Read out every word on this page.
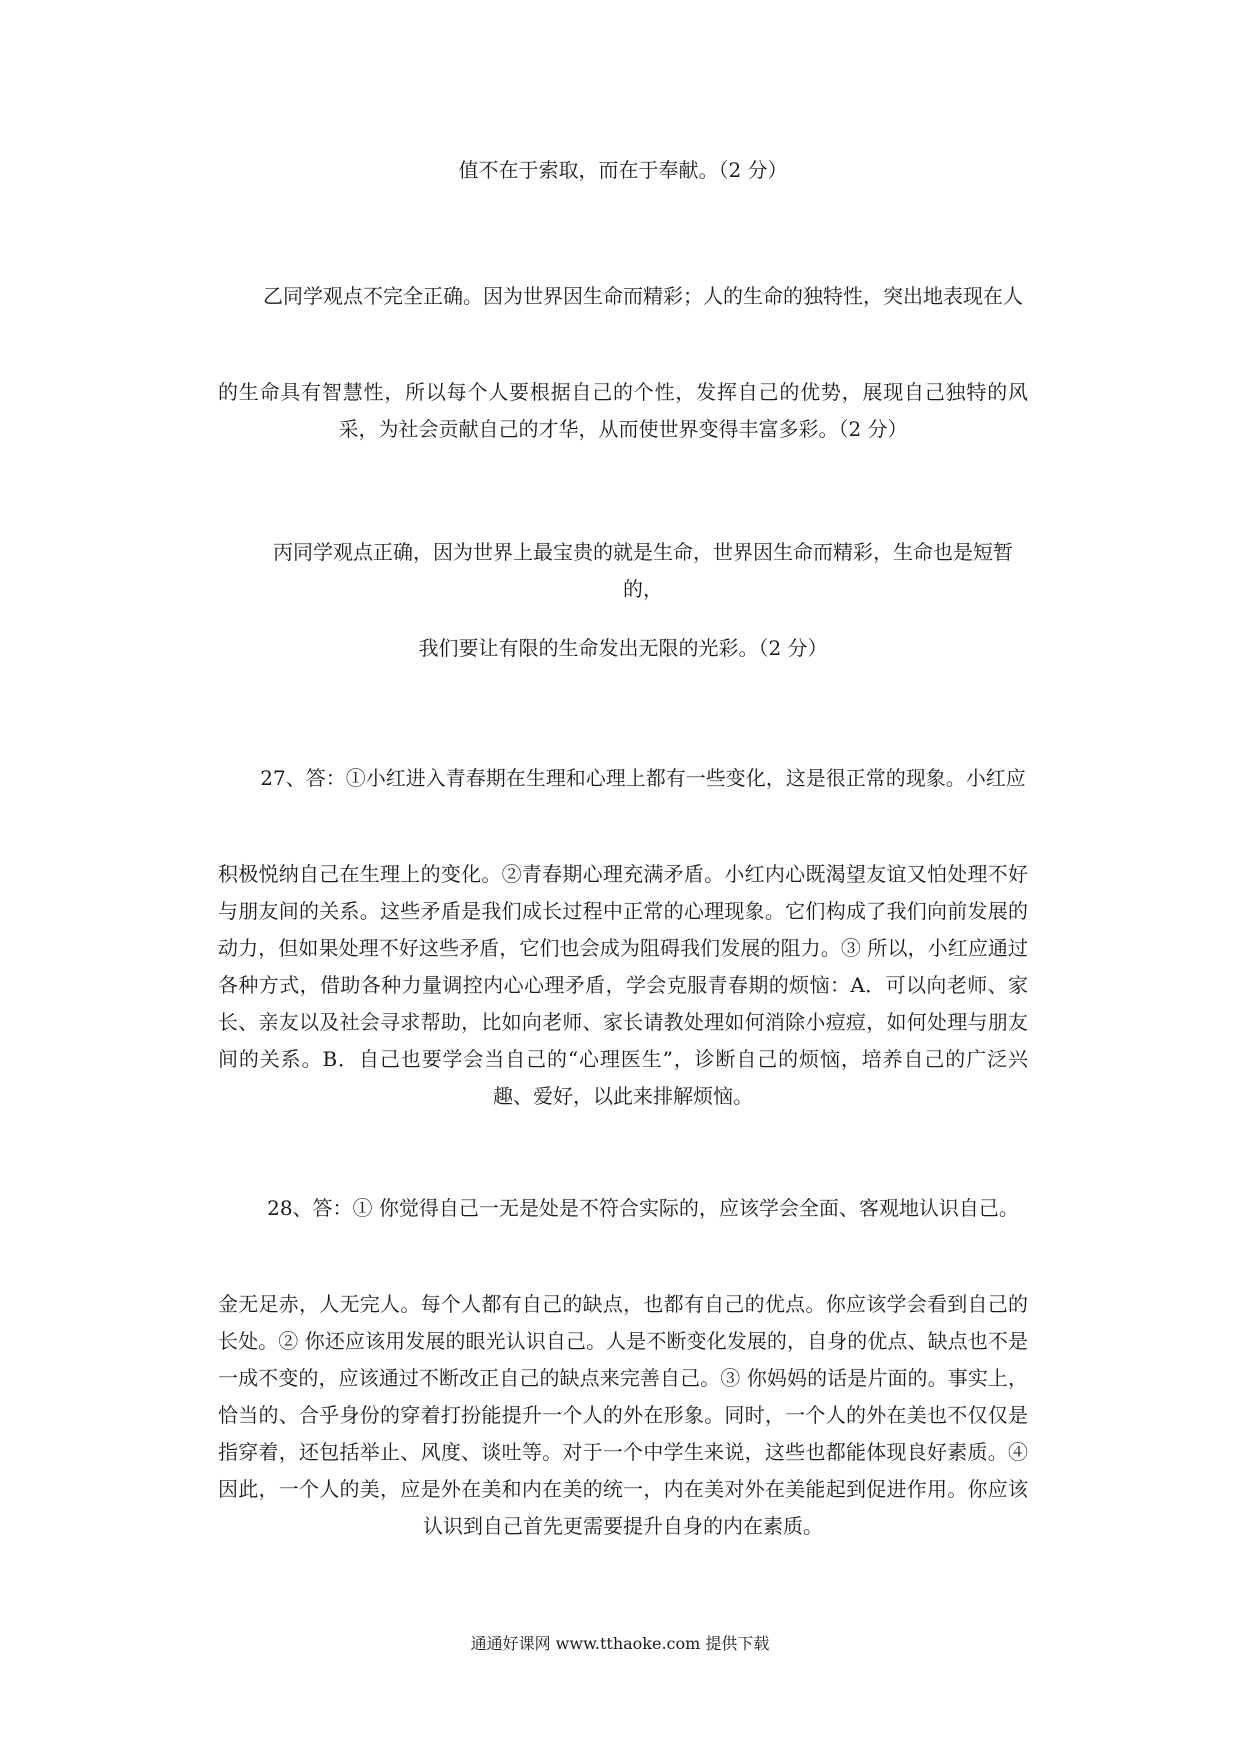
值不在于索取，而在于奉献。（2 分）

乙同学观点不完全正确。因为世界因生命而精彩；人的生命的独特性，突出地表现在人

的生命具有智慧性，所以每个人要根据自己的个性，发挥自己的优势，展现自己独特的风采，为社会贡献自己的才华，从而使世界变得丰富多彩。（2 分）

丙同学观点正确，因为世界上最宝贵的就是生命，世界因生命而精彩，生命也是短暂的，

我们要让有限的生命发出无限的光彩。（2 分）

27、答：①小红进入青春期在生理和心理上都有一些变化，这是很正常的现象。小红应

积极悦纳自己在生理上的变化。②青春期心理充满矛盾。小红内心既渴望友谊又怕处理不好与朋友间的关系。这些矛盾是我们成长过程中正常的心理现象。它们构成了我们向前发展的动力，但如果处理不好这些矛盾，它们也会成为阻碍我们发展的阻力。③ 所以，小红应通过各种方式，借助各种力量调控内心心理矛盾，学会克服青春期的烦恼：A．可以向老师、家长、亲友以及社会寻求帮助，比如向老师、家长请教处理如何消除小痘痘，如何处理与朋友间的关系。B．自己也要学会当自己的“心理医生”，诊断自己的烦恼，培养自己的广泛兴趣、爱好，以此来排解烦恼。

28、答：① 你觉得自己一无是处是不符合实际的，应该学会全面、客观地认识自己。

金无足赤，人无完人。每个人都有自己的缺点，也都有自己的优点。你应该学会看到自己的长处。② 你还应该用发展的眼光认识自己。人是不断变化发展的，自身的优点、缺点也不是一成不变的，应该通过不断改正自己的缺点来完善自己。③ 你妈妈的话是片面的。事实上，恰当的、合乎身份的穿着打扮能提升一个人的外在形象。同时，一个人的外在美也不仅仅是指穿着，还包括举止、风度、谈吐等。对于一个中学生来说，这些也都能体现良好素质。④ 因此，一个人的美，应是外在美和内在美的统一，内在美对外在美能起到促进作用。你应该认识到自己首先更需要提升自身的内在素质。

通通好课网 www.tthaoke.com 提供下载
